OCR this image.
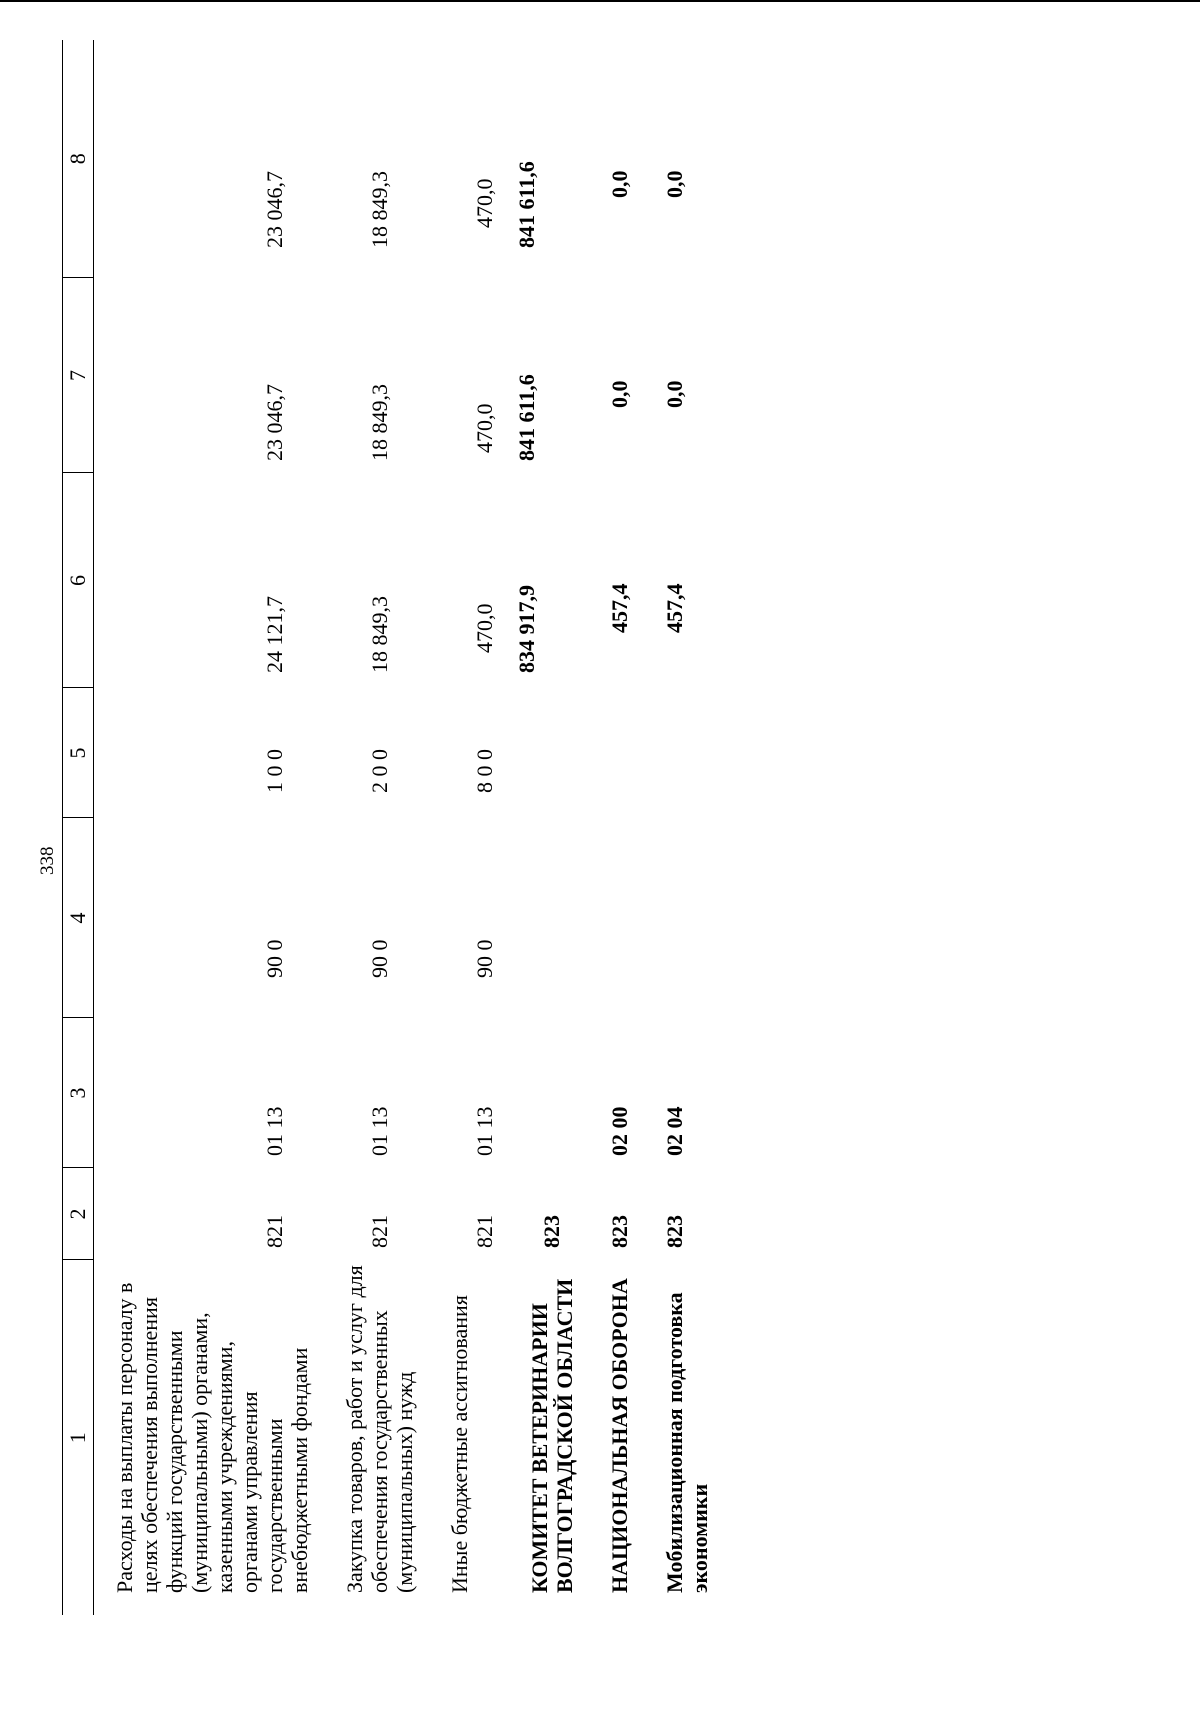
338
1	2	3	4	5	6	7	8
Расходы на выплаты персоналу в целях обеспечения выполнения функций государственными (муниципальными) органами, казенными учреждениями, органами управления государственными внебюджетными фондами	821	01 13	90 0	1 0 0	24 121,7	23 046,7	23 046,7
Закупка товаров, работ и услуг для обеспечения государственных (муниципальных) нужд	821	01 13	90 0	2 0 0	18 849,3	18 849,3	18 849,3
Иные бюджетные ассигнования	821	01 13	90 0	8 0 0	470,0	470,0	470,0
КОМИТЕТ ВЕТЕРИНАРИИ ВОЛГОГРАДСКОЙ ОБЛАСТИ	823				834 917,9	841 611,6	841 611,6
НАЦИОНАЛЬНАЯ ОБОРОНА	823	02 00			457,4	0,0	0,0
Мобилизационная подготовка экономики	823	02 04			457,4	0,0	0,0
